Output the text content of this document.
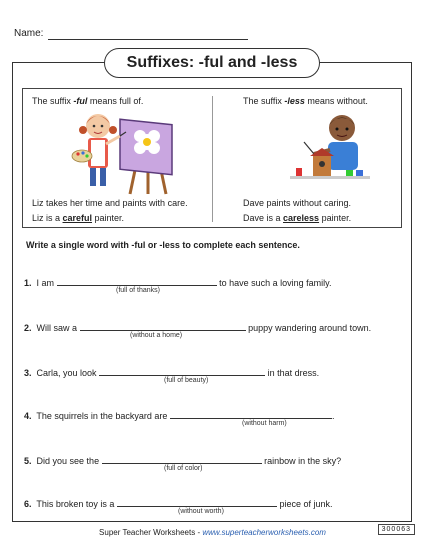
Name:
Suffixes: -ful and -less
The suffix -ful means full of.
Liz takes her time and paints with care.
Liz is a careful painter.
The suffix -less means without.
Dave paints without caring.
Dave is a careless painter.
Write a single word with -ful or -less to complete each sentence.
1. I am	to have such a loving family.
(full of thanks)
2. Will saw a	puppy wandering around town.
(without a home)
3. Carla, you look	in that dress.
(full of beauty)
4. The squirrels in the backyard are	.
(without harm)
5. Did you see the	rainbow in the sky?
(full of color)
6. This broken toy is a	piece of junk.
(without worth)
Super Teacher Worksheets - www.superteacherworksheets.com	300063
